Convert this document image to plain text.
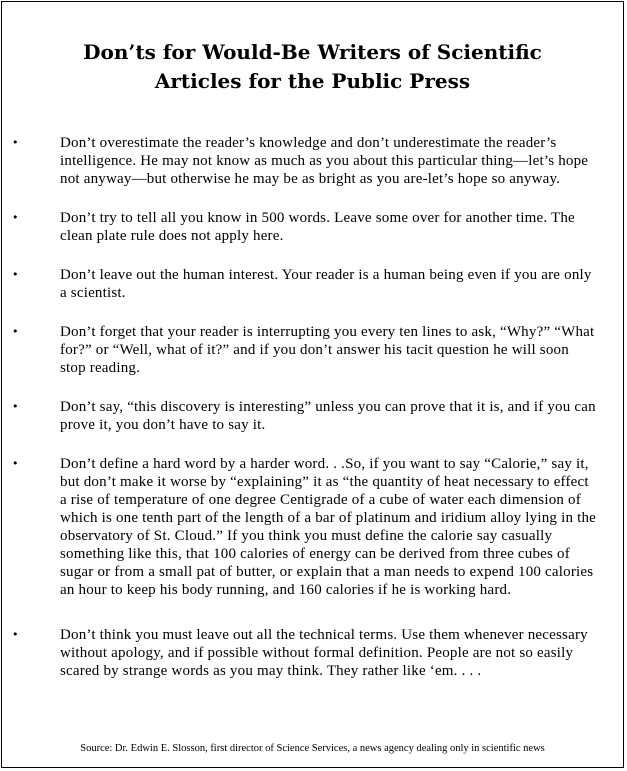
Don’ts for Would-Be Writers of Scientific
Articles for the Public Press
•	Don’t overestimate the reader’s knowledge and don’t underestimate the reader’s intelligence. He may not know as much as you about this particular thing—let’s hope not anyway—but otherwise he may be as bright as you are-let’s hope so anyway.
•	Don’t try to tell all you know in 500 words. Leave some over for another time. The clean plate rule does not apply here.
•	Don’t leave out the human interest. Your reader is a human being even if you are only a scientist.
•	Don’t forget that your reader is interrupting you every ten lines to ask, “Why?” “What for?” or “Well, what of it?” and if you don’t answer his tacit question he will soon stop reading.
•	Don’t say, “this discovery is interesting” unless you can prove that it is, and if you can prove it, you don’t have to say it.
•	Don’t define a hard word by a harder word. . .So, if you want to say “Calorie,” say it, but don’t make it worse by “explaining” it as “the quantity of heat necessary to effect a rise of temperature of one degree Centigrade of a cube of water each dimension of which is one tenth part of the length of a bar of platinum and iridium alloy lying in the observatory of St. Cloud.” If you think you must define the calorie say casually something like this, that 100 calories of energy can be derived from three cubes of sugar or from a small pat of butter, or explain that a man needs to expend 100 calories an hour to keep his body running, and 160 calories if he is working hard.
•	Don’t think you must leave out all the technical terms. Use them whenever necessary without apology, and if possible without formal definition. People are not so easily scared by strange words as you may think. They rather like ‘em. . . .
Source: Dr. Edwin E. Slosson, first director of Science Services, a news agency dealing only in scientific news
